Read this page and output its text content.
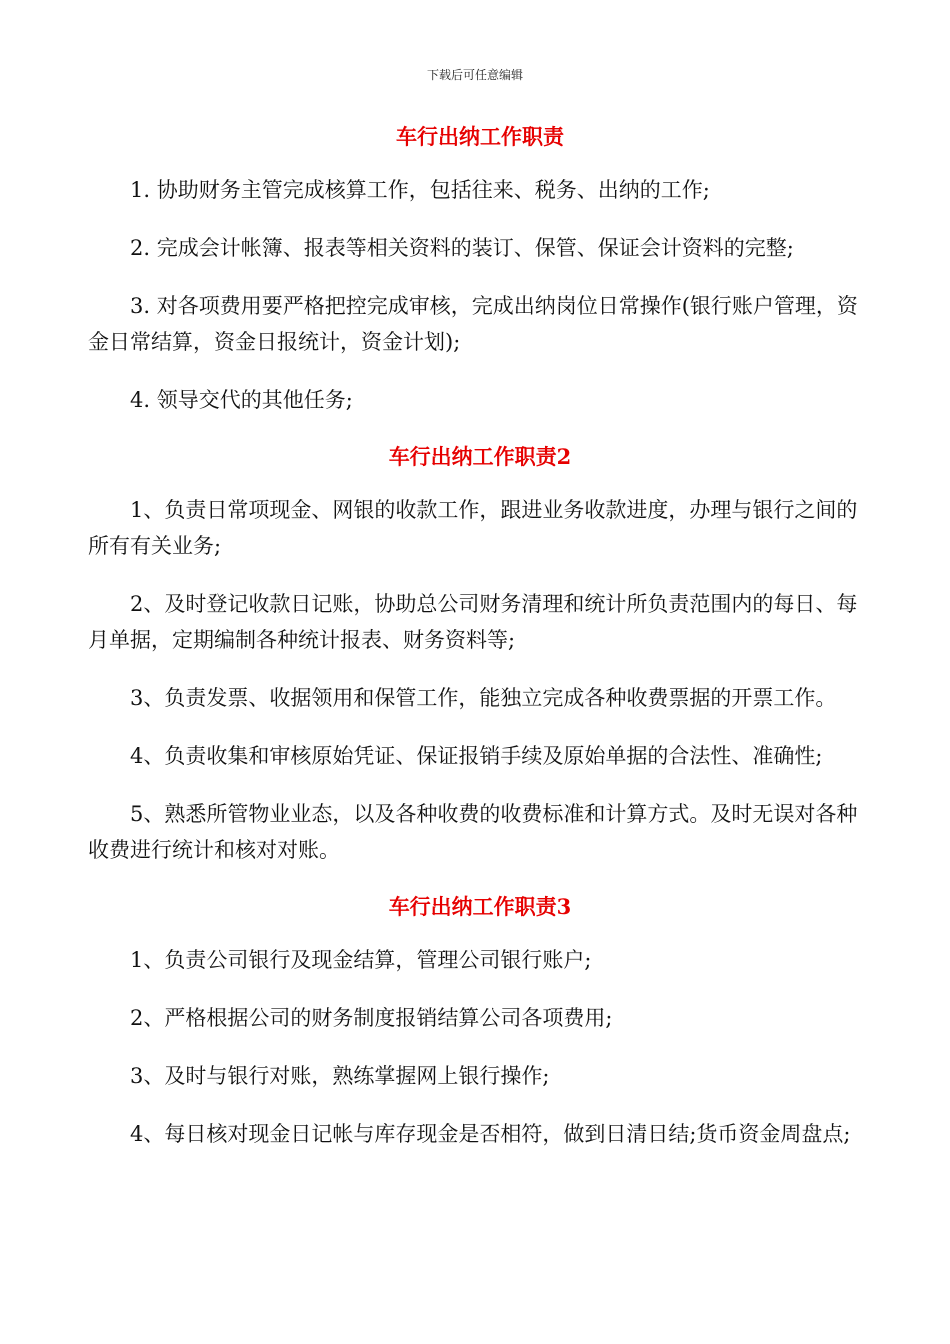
下载后可任意编辑
车行出纳工作职责

1. 协助财务主管完成核算工作，包括往来、税务、出纳的工作;

2. 完成会计帐簿、报表等相关资料的装订、保管、保证会计资料的完整;

3. 对各项费用要严格把控完成审核，完成出纳岗位日常操作(银行账户管理，资金日常结算，资金日报统计，资金计划);

4. 领导交代的其他任务;

车行出纳工作职责2

1、负责日常项现金、网银的收款工作，跟进业务收款进度，办理与银行之间的所有有关业务;

2、及时登记收款日记账，协助总公司财务清理和统计所负责范围内的每日、每月单据，定期编制各种统计报表、财务资料等;

3、负责发票、收据领用和保管工作，能独立完成各种收费票据的开票工作。

4、负责收集和审核原始凭证、保证报销手续及原始单据的合法性、准确性;

5、熟悉所管物业业态，以及各种收费的收费标准和计算方式。及时无误对各种收费进行统计和核对对账。

车行出纳工作职责3

1、负责公司银行及现金结算，管理公司银行账户;

2、严格根据公司的财务制度报销结算公司各项费用;

3、及时与银行对账，熟练掌握网上银行操作;

4、每日核对现金日记帐与库存现金是否相符，做到日清日结;货币资金周盘点;
